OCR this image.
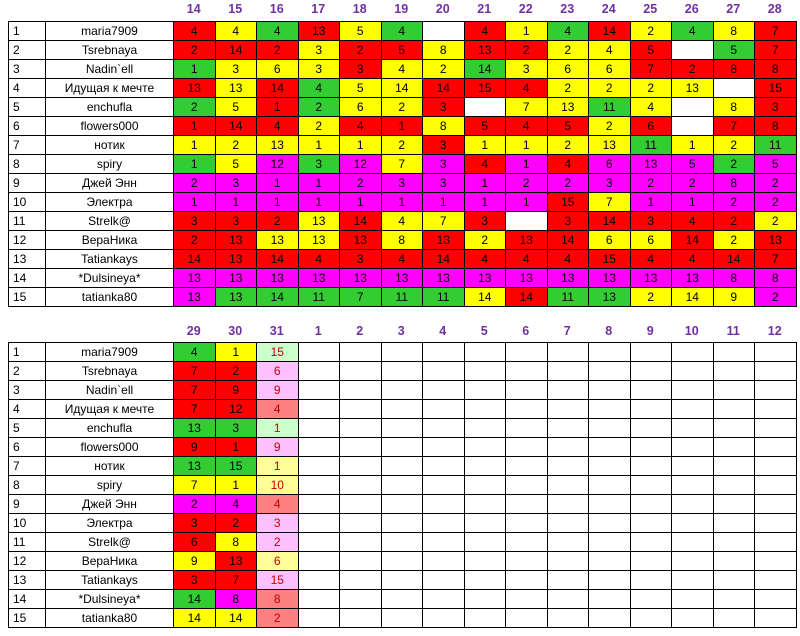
14	15	16	17	18	19	20	21	22	23	24	25	26	27	28
1	maria7909	4	4	4	13	5	4		4	1	4	14	2	4	8	7
2	Tsrebnaya	2	14	2	3	2	5	8	13	2	2	4	5		5	7
3	Nadin`ell	1	3	6	3	3	4	2	14	3	6	6	7	2	8	8
4	Идущая к мечте	13	13	14	4	5	14	14	15	4	2	2	2	13		15
5	enchufla	2	5	1	2	6	2	3		7	13	11	4		8	3
6	flowers000	1	14	4	2	4	1	8	5	4	5	2	6		7	8
7	нотик	1	2	13	1	1	2	3	1	1	2	13	11	1	2	11
8	spiry	1	5	12	3	12	7	3	4	1	4	6	13	5	2	5
9	Джей Энн	2	3	1	1	2	3	3	1	2	2	3	2	2	8	2
10	Электра	1	1	1	1	1	1	1	1	1	15	7	1	1	2	2
11	Strelk@	3	3	2	13	14	4	7	3		3	14	3	4	2	2
12	ВераНика	2	13	13	13	13	8	13	2	13	14	6	6	14	2	13
13	Tatiankays	14	13	14	4	3	4	14	4	4	4	15	4	4	14	7
14	*Dulsineya*	13	13	13	13	13	13	13	13	13	13	13	13	13	8	8
15	tatianka80	13	13	14	11	7	11	11	14	14	11	13	2	14	9	2
29	30	31	1	2	3	4	5	6	7	8	9	10	11	12
1	maria7909	4	1	15												
2	Tsrebnaya	7	2	6												
3	Nadin`ell	7	9	9												
4	Идущая к мечте	7	12	4												
5	enchufla	13	3	1												
6	flowers000	9	1	9												
7	нотик	13	15	1												
8	spiry	7	1	10												
9	Джей Энн	2	4	4												
10	Электра	3	2	3												
11	Strelk@	6	8	2												
12	ВераНика	9	13	6												
13	Tatiankays	3	7	15												
14	*Dulsineya*	14	8	8												
15	tatianka80	14	14	2												
